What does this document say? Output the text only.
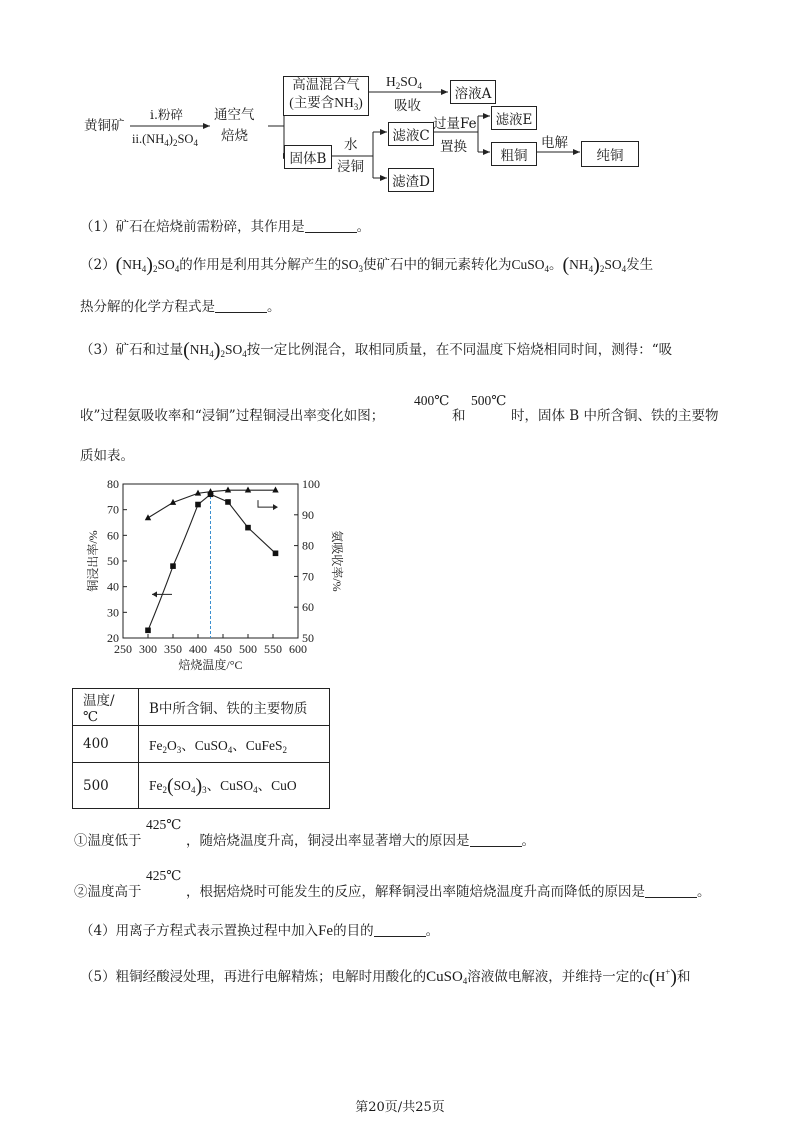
黄铜矿
i.粉碎
$ii.(NH_4)_2SO_4$
通空气
焙烧
高温混合气
(主要含$NH_3$)
$H_2SO_4$
吸收
溶液A
固体B
水
浸铜
滤液C
滤渣D
过量Fe
置换
滤液E
粗铜
电解
纯铜
（1）矿石在焙烧前需粉碎，其作用是	。
$(2)(NH_4)_2SO_4$的作用是利用其分解产生的$SO_3$使矿石中的铜元素转化为CuSO$_4$。$(NH_4)_2SO_4$发生
热分解的化学方程式是	。
（3）矿石和过量$(NH_4)_2SO_4$按一定比例混合，取相同质量，在不同温度下焙烧相同时间，测得：“吸
收”过程氨吸收率和“浸铜”过程铜浸出率变化如图；
400℃
和
500℃
时，固体 B 中所含铜、铁的主要物
质如表。
250 300 350 400 450 500 550 600
20
30
40
50
60
70
80
50
60
70
80
90
100
焙烧温度/°C
铜浸出率/%	氨吸收率/%
温度/℃	B中所含铜、铁的主要物质
400	$Fe_2O_3$、CuSO$_4$、CuFeS$_2$
500	$Fe_2(SO_4)_3$、CuSO$_4$、CuO
①温度低于
425℃
，随焙烧温度升高，铜浸出率显著增大的原因是	。
②温度高于
425℃
，根据焙烧时可能发生的反应，解释铜浸出率随焙烧温度升高而降低的原因是	。
（4）用离子方程式表示置换过程中加入Fe的目的	。
（5）粗铜经酸浸处理，再进行电解精炼；电解时用酸化的CuSO$_4$溶液做电解液，并维持一定的c(H+)和
第20页/共25页
